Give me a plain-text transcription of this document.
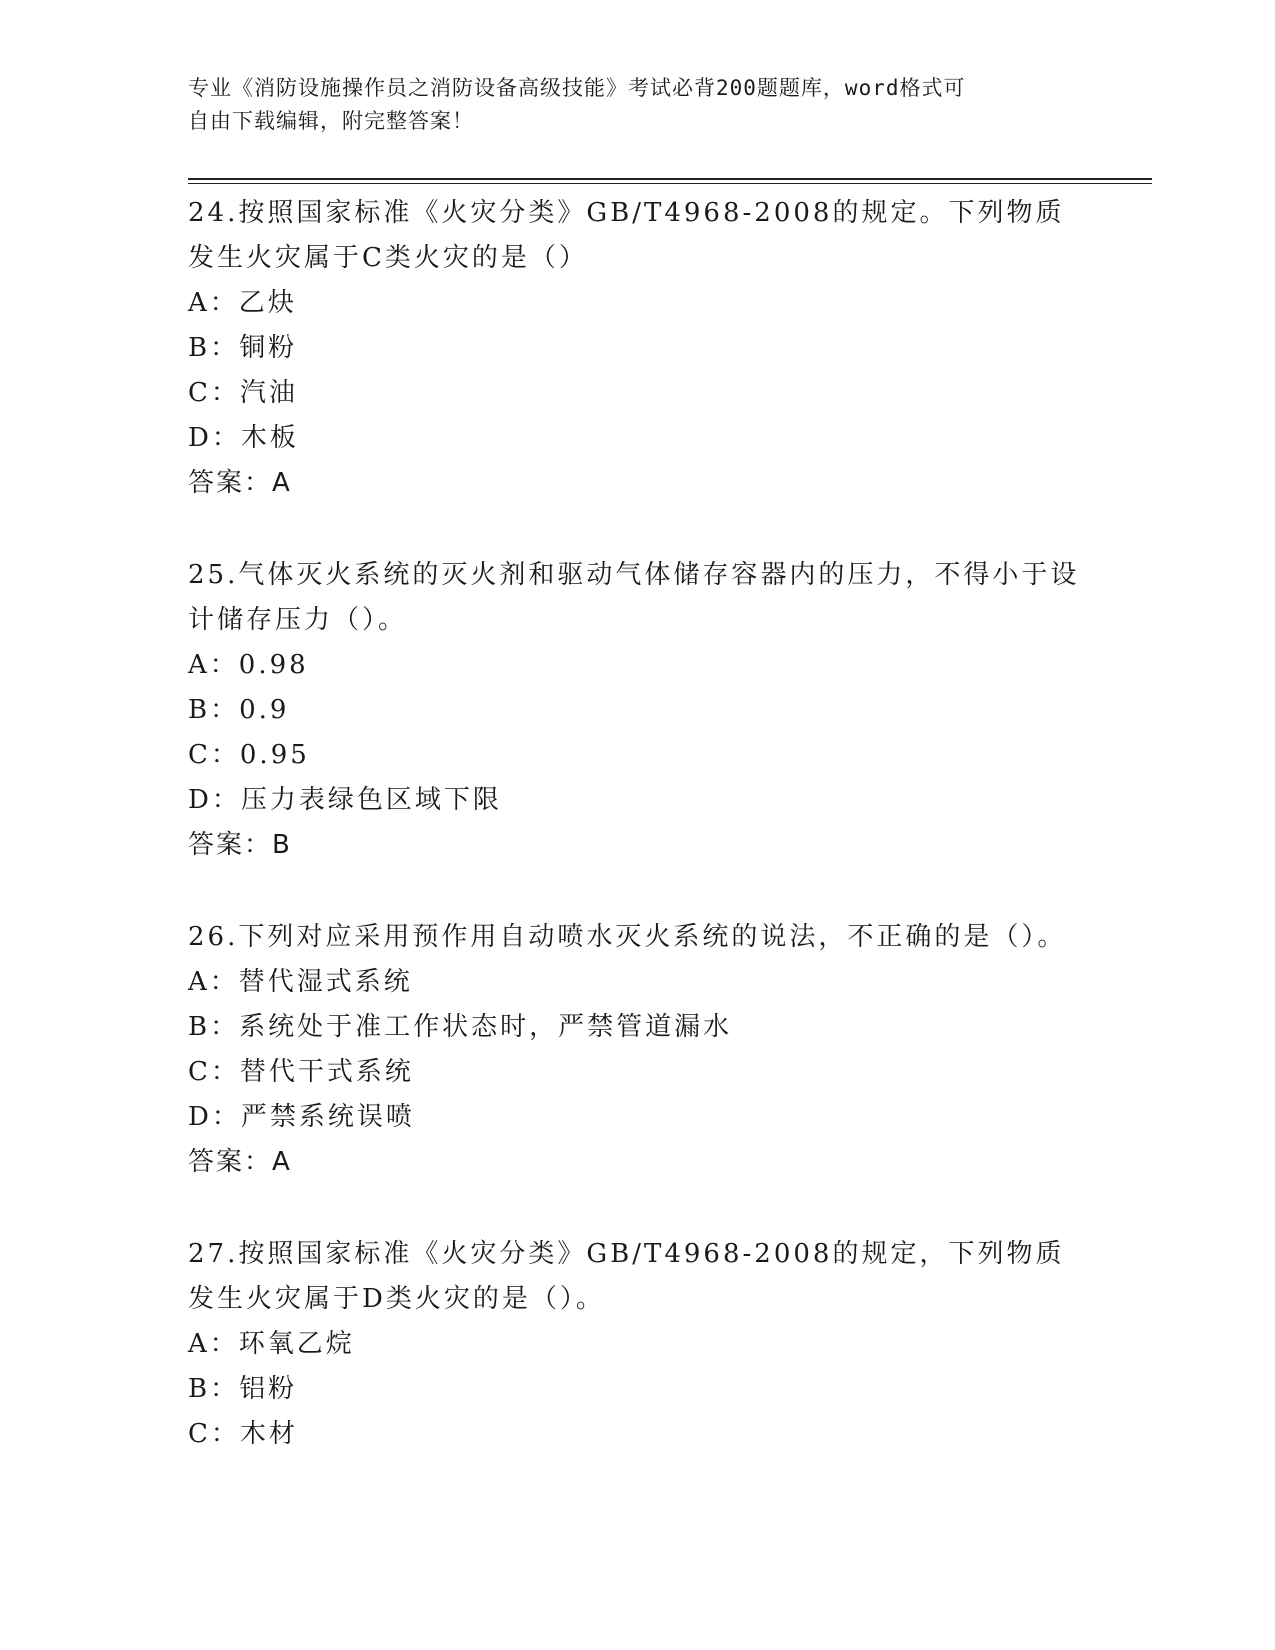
专业《消防设施操作员之消防设备高级技能》考试必背200题题库，word格式可
自由下载编辑，附完整答案！

24.按照国家标准《火灾分类》GB/T4968-2008的规定。下列物质发生火灾属于C类火灾的是（）

A：乙炔

B：铜粉

C：汽油

D：木板

答案：A

25.气体灭火系统的灭火剂和驱动气体储存容器内的压力，不得小于设计储存压力（）。

A：0.98

B：0.9

C：0.95

D：压力表绿色区域下限

答案：B

26.下列对应采用预作用自动喷水灭火系统的说法，不正确的是（）。

A：替代湿式系统

B：系统处于准工作状态时，严禁管道漏水

C：替代干式系统

D：严禁系统误喷

答案：A

27.按照国家标准《火灾分类》GB/T4968-2008的规定，下列物质发生火灾属于D类火灾的是（）。

A：环氧乙烷

B：铝粉

C：木材
